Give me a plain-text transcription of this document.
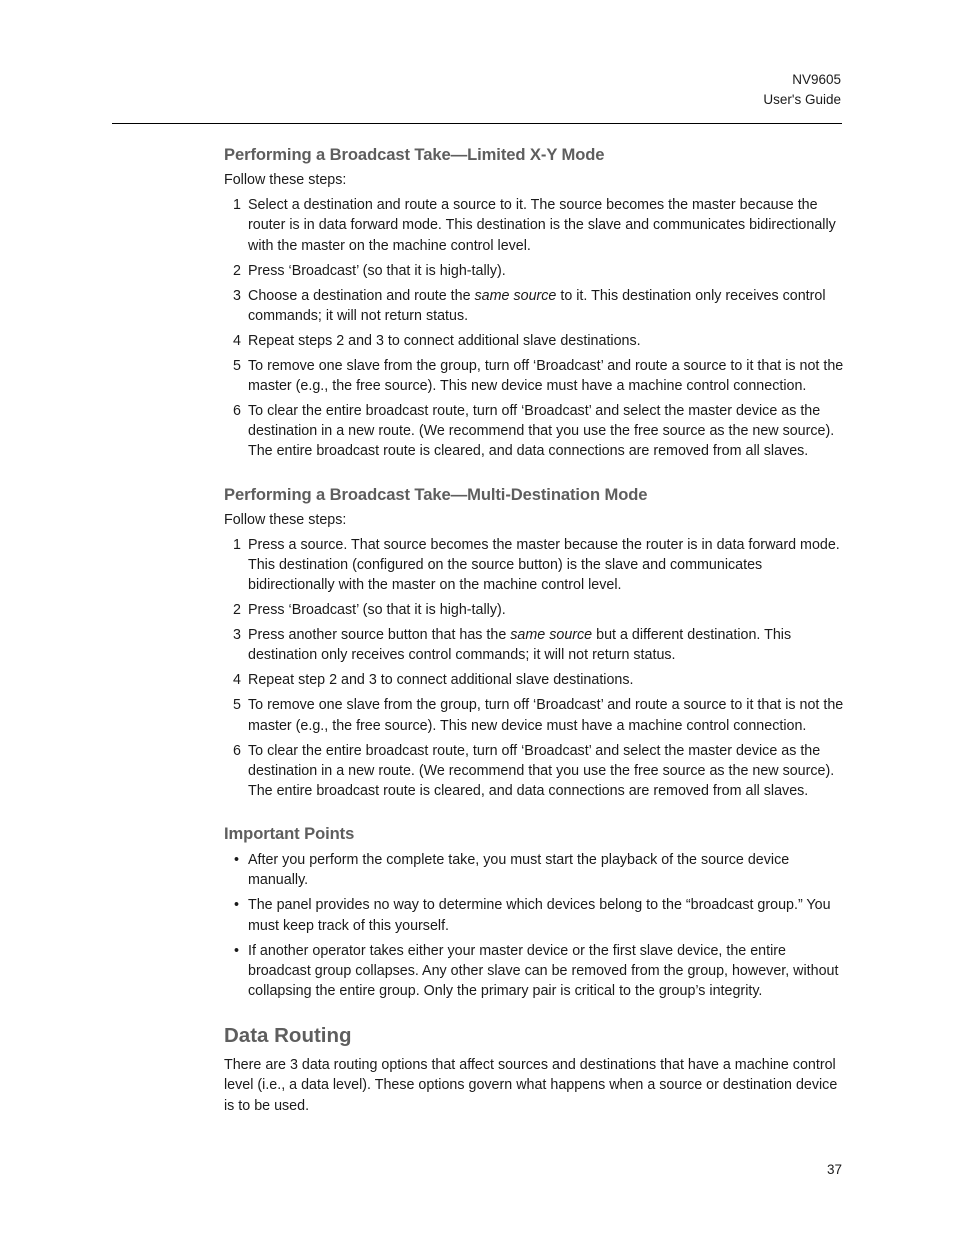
NV9605
User's Guide
Performing a Broadcast Take—Limited X-Y Mode

Follow these steps:

1 Select a destination and route a source to it. The source becomes the master because the router is in data forward mode. This destination is the slave and communicates bidirectionally with the master on the machine control level.
2 Press ‘Broadcast’ (so that it is high-tally).
3 Choose a destination and route the same source to it. This destination only receives control commands; it will not return status.
4 Repeat steps 2 and 3 to connect additional slave destinations.
5 To remove one slave from the group, turn off ‘Broadcast’ and route a source to it that is not the master (e.g., the free source). This new device must have a machine control connection.
6 To clear the entire broadcast route, turn off ‘Broadcast’ and select the master device as the destination in a new route. (We recommend that you use the free source as the new source). The entire broadcast route is cleared, and data connections are removed from all slaves.
Performing a Broadcast Take—Multi-Destination Mode

Follow these steps:

1 Press a source. That source becomes the master because the router is in data forward mode. This destination (configured on the source button) is the slave and communicates bidirectionally with the master on the machine control level.
2 Press ‘Broadcast’ (so that it is high-tally).
3 Press another source button that has the same source but a different destination. This destination only receives control commands; it will not return status.
4 Repeat step 2 and 3 to connect additional slave destinations.
5 To remove one slave from the group, turn off ‘Broadcast’ and route a source to it that is not the master (e.g., the free source). This new device must have a machine control connection.
6 To clear the entire broadcast route, turn off ‘Broadcast’ and select the master device as the destination in a new route. (We recommend that you use the free source as the new source). The entire broadcast route is cleared, and data connections are removed from all slaves.
Important Points
• After you perform the complete take, you must start the playback of the source device manually.
• The panel provides no way to determine which devices belong to the “broadcast group.” You must keep track of this yourself.
• If another operator takes either your master device or the first slave device, the entire broadcast group collapses. Any other slave can be removed from the group, however, without collapsing the entire group. Only the primary pair is critical to the group’s integrity.
Data Routing

There are 3 data routing options that affect sources and destinations that have a machine control level (i.e., a data level). These options govern what happens when a source or destination device is to be used.

37
